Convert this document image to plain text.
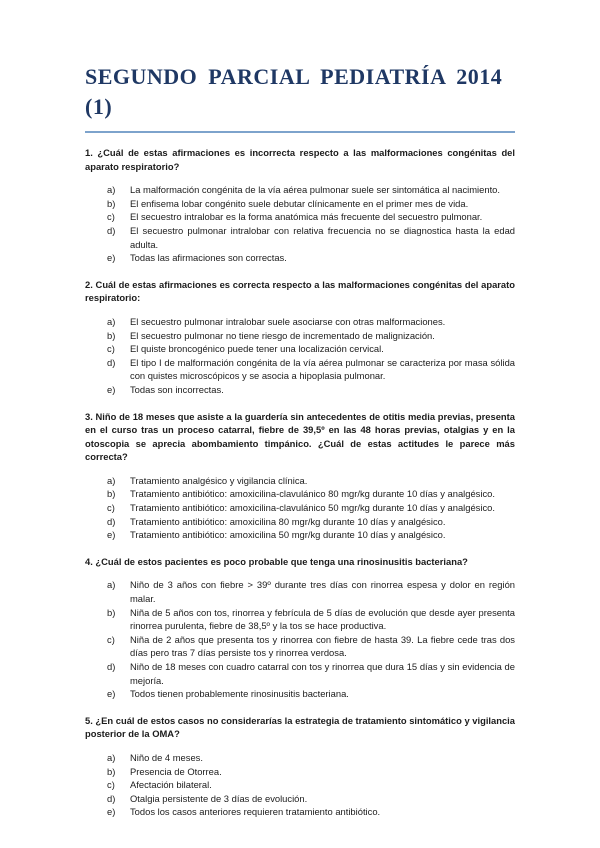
SEGUNDO PARCIAL PEDIATRÍA 2014 (1)

1. ¿Cuál de estas afirmaciones es incorrecta respecto a las malformaciones congénitas del aparato respiratorio?

a)	La malformación congénita de la vía aérea pulmonar suele ser sintomática al nacimiento.
b)	El enfisema lobar congénito suele debutar clínicamente en el primer mes de vida.
c)	El secuestro intralobar es la forma anatómica más frecuente del secuestro pulmonar.
d)	El secuestro pulmonar intralobar con relativa frecuencia no se diagnostica hasta la edad adulta.
e)	Todas las afirmaciones son correctas.

2. Cuál de estas afirmaciones es correcta respecto a las malformaciones congénitas del aparato respiratorio:

a)	El secuestro pulmonar intralobar suele asociarse con otras malformaciones.
b)	El secuestro pulmonar no tiene riesgo de incrementado de malignización.
c)	El quiste broncogénico puede tener una localización cervical.
d)	El tipo I de malformación congénita de la vía aérea pulmonar se caracteriza por masa sólida con quistes microscópicos y se asocia a hipoplasia pulmonar.
e)	Todas son incorrectas.

3. Niño de 18 meses que asiste a la guardería sin antecedentes de otitis media previas, presenta en el curso tras un proceso catarral, fiebre de 39,5º en las 48 horas previas, otalgias y en la otoscopia se aprecia abombamiento timpánico. ¿Cuál de estas actitudes le parece más correcta?

a)	Tratamiento analgésico y vigilancia clínica.
b)	Tratamiento antibiótico: amoxicilina-clavulánico 80 mgr/kg durante 10 días y analgésico.
c)	Tratamiento antibiótico: amoxicilina-clavulánico 50 mgr/kg durante 10 días y analgésico.
d)	Tratamiento antibiótico: amoxicilina 80 mgr/kg durante 10 días y analgésico.
e)	Tratamiento antibiótico: amoxicilina 50 mgr/kg durante 10 días y analgésico.

4. ¿Cuál de estos pacientes es poco probable que tenga una rinosinusitis bacteriana?

a)	Niño de 3 años con fiebre > 39º durante tres días con rinorrea espesa y dolor en región malar.
b)	Niña de 5 años con tos, rinorrea y febrícula de 5 días de evolución que desde ayer presenta rinorrea purulenta, fiebre de 38,5º y la tos se hace productiva.
c)	Niña de 2 años que presenta tos y rinorrea con fiebre de hasta 39. La fiebre cede tras dos días pero tras 7 días persiste tos y rinorrea verdosa.
d)	Niño de 18 meses con cuadro catarral con tos y rinorrea que dura 15 días y sin evidencia de mejoría.
e)	Todos tienen probablemente rinosinusitis bacteriana.

5. ¿En cuál de estos casos no considerarías la estrategia de tratamiento sintomático y vigilancia posterior de la OMA?

a)	Niño de 4 meses.
b)	Presencia de Otorrea.
c)	Afectación bilateral.
d)	Otalgia persistente de 3 días de evolución.
e)	Todos los casos anteriores requieren tratamiento antibiótico.
